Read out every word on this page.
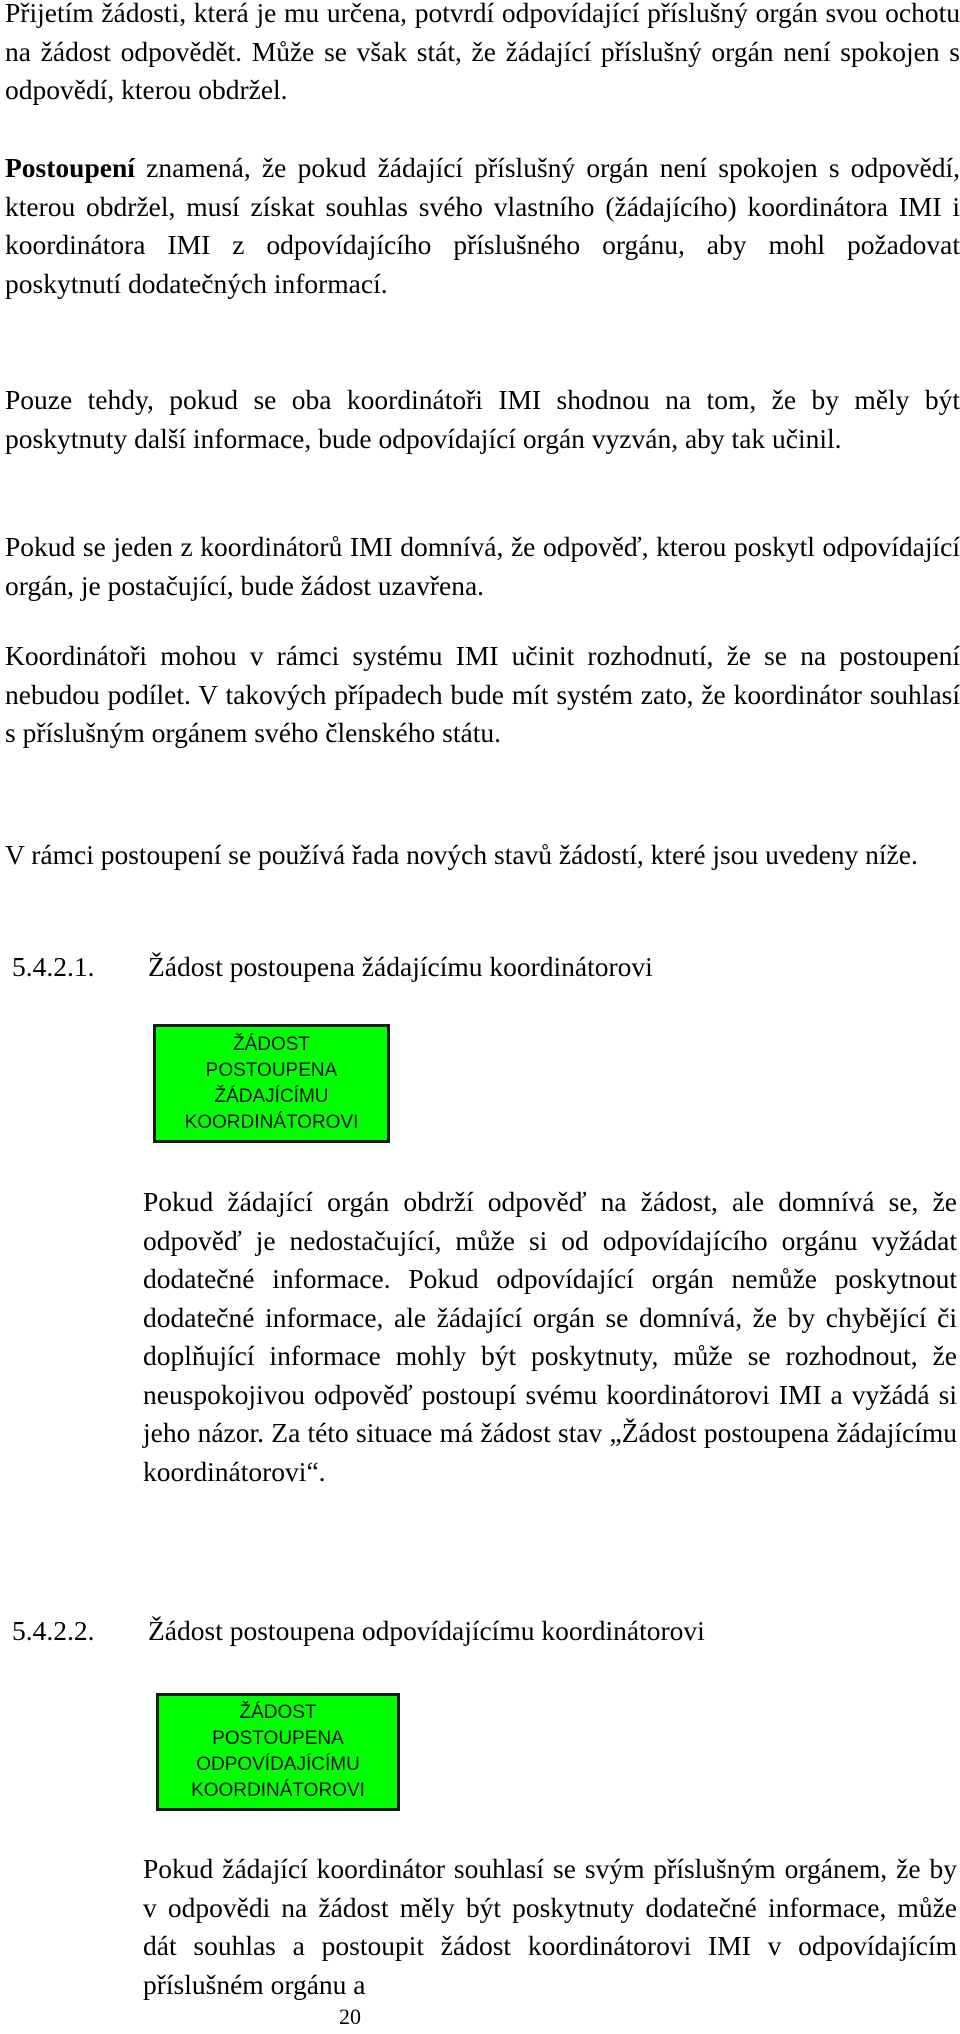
Přijetím žádosti, která je mu určena, potvrdí odpovídající příslušný orgán svou ochotu na žádost odpovědět. Může se však stát, že žádající příslušný orgán není spokojen s odpovědí, kterou obdržel.

Postoupení znamená, že pokud žádající příslušný orgán není spokojen s odpovědí, kterou obdržel, musí získat souhlas svého vlastního (žádajícího) koordinátora IMI i koordinátora IMI z odpovídajícího příslušného orgánu, aby mohl požadovat poskytnutí dodatečných informací.

Pouze tehdy, pokud se oba koordinátoři IMI shodnou na tom, že by měly být poskytnuty další informace, bude odpovídající orgán vyzván, aby tak učinil.

Pokud se jeden z koordinátorů IMI domnívá, že odpověď, kterou poskytl odpovídající orgán, je postačující, bude žádost uzavřena.

Koordinátoři mohou v rámci systému IMI učinit rozhodnutí, že se na postoupení nebudou podílet. V takových případech bude mít systém zato, že koordinátor souhlasí s příslušným orgánem svého členského státu.

V rámci postoupení se používá řada nových stavů žádostí, které jsou uvedeny níže.

5.4.2.1. Žádost postoupena žádajícímu koordinátorovi
ŽÁDOST
POSTOUPENA
ŽÁDAJÍCÍMU
KOORDINÁTOROVI

Pokud žádající orgán obdrží odpověď na žádost, ale domnívá se, že odpověď je nedostačující, může si od odpovídajícího orgánu vyžádat dodatečné informace. Pokud odpovídající orgán nemůže poskytnout dodatečné informace, ale žádající orgán se domnívá, že by chybějící či doplňující informace mohly být poskytnuty, může se rozhodnout, že neuspokojivou odpověď postoupí svému koordinátorovi IMI a vyžádá si jeho názor. Za této situace má žádost stav „Žádost postoupena žádajícímu koordinátorovi“.

5.4.2.2. Žádost postoupena odpovídajícímu koordinátorovi
ŽÁDOST
POSTOUPENA
ODPOVÍDAJÍCÍMU
KOORDINÁTOROVI

Pokud žádající koordinátor souhlasí se svým příslušným orgánem, že by v odpovědi na žádost měly být poskytnuty dodatečné informace, může dát souhlas a postoupit žádost koordinátorovi IMI v odpovídajícím příslušném orgánu a

20
